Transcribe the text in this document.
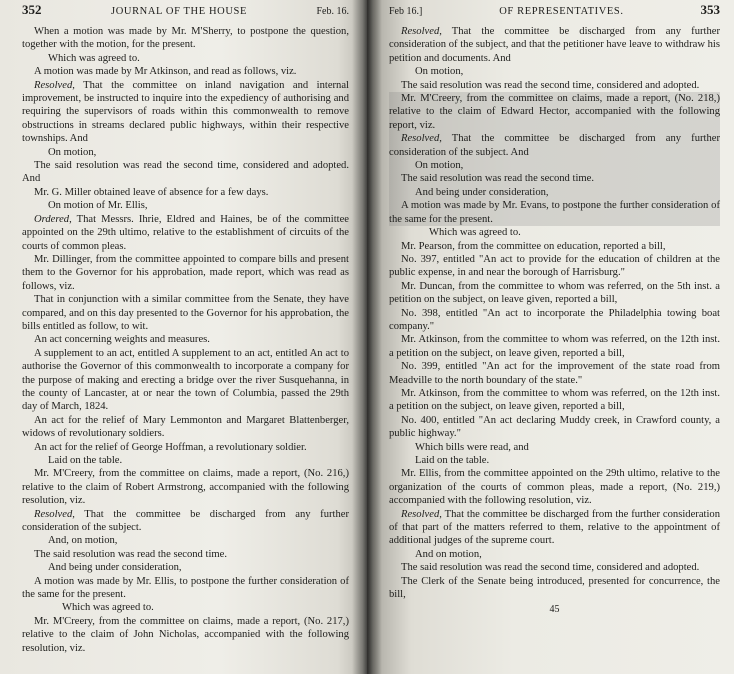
352	JOURNAL OF THE HOUSE	Feb. 16.

When a motion was made by Mr. M'Sherry, to postpone the question, together with the motion, for the present.

Which was agreed to.

A motion was made by Mr Atkinson, and read as follows, viz.

Resolved, That the committee on inland navigation and internal improvement, be instructed to inquire into the expediency of authorising and requiring the supervisors of roads within this commonwealth to remove obstructions in streams declared public highways, within their respective townships. And

On motion,

The said resolution was read the second time, considered and adopted. And

Mr. G. Miller obtained leave of absence for a few days.

On motion of Mr. Ellis,

Ordered, That Messrs. Ihrie, Eldred and Haines, be of the committee appointed on the 29th ultimo, relative to the establishment of circuits of the courts of common pleas.

Mr. Dillinger, from the committee appointed to compare bills and present them to the Governor for his approbation, made report, which was read as follows, viz.

That in conjunction with a similar committee from the Senate, they have compared, and on this day presented to the Governor for his approbation, the bills entitled as follow, to wit.

An act concerning weights and measures.

A supplement to an act, entitled A supplement to an act, entitled An act to authorise the Governor of this commonwealth to incorporate a company for the purpose of making and erecting a bridge over the river Susquehanna, in the county of Lancaster, at or near the town of Columbia, passed the 29th day of March, 1824.

An act for the relief of Mary Lemmonton and Margaret Blattenberger, widows of revolutionary soldiers.

An act for the relief of George Hoffman, a revolutionary soldier.

Laid on the table.

Mr. M'Creery, from the committee on claims, made a report, (No. 216,) relative to the claim of Robert Armstrong, accompanied with the following resolution, viz.

Resolved, That the committee be discharged from any further consideration of the subject.

And, on motion,

The said resolution was read the second time.

And being under consideration,

A motion was made by Mr. Ellis, to postpone the further consideration of the same for the present.

Which was agreed to.

Mr. M'Creery, from the committee on claims, made a report, (No. 217,) relative to the claim of John Nicholas, accompanied with the following resolution, viz.

Feb 16.]	OF REPRESENTATIVES.	353

Resolved, That the committee be discharged from any further consideration of the subject, and that the petitioner have leave to withdraw his petition and documents. And

On motion,

The said resolution was read the second time, considered and adopted.

Mr. M'Creery, from the committee on claims, made a report, (No. 218,) relative to the claim of Edward Hector, accompanied with the following report, viz.

Resolved, That the committee be discharged from any further consideration of the subject. And

On motion,

The said resolution was read the second time.

And being under consideration,

A motion was made by Mr. Evans, to postpone the further consideration of the same for the present.

Which was agreed to.

Mr. Pearson, from the committee on education, reported a bill,

No. 397, entitled "An act to provide for the education of children at the public expense, in and near the borough of Harrisburg."

Mr. Duncan, from the committee to whom was referred, on the 5th inst. a petition on the subject, on leave given, reported a bill,

No. 398, entitled "An act to incorporate the Philadelphia towing boat company."

Mr. Atkinson, from the committee to whom was referred, on the 12th inst. a petition on the subject, on leave given, reported a bill,

No. 399, entitled "An act for the improvement of the state road from Meadville to the north boundary of the state."

Mr. Atkinson, from the committee to whom was referred, on the 12th inst. a petition on the subject, on leave given, reported a bill,

No. 400, entitled "An act declaring Muddy creek, in Crawford county, a public highway."

Which bills were read, and

Laid on the table.

Mr. Ellis, from the committee appointed on the 29th ultimo, relative to the organization of the courts of common pleas, made a report, (No. 219,) accompanied with the following resolution, viz.

Resolved, That the committee be discharged from the further consideration of that part of the matters referred to them, relative to the appointment of additional judges of the supreme court.

And on motion,

The said resolution was read the second time, considered and adopted.

The Clerk of the Senate being introduced, presented for concurrence, the bill,

45
